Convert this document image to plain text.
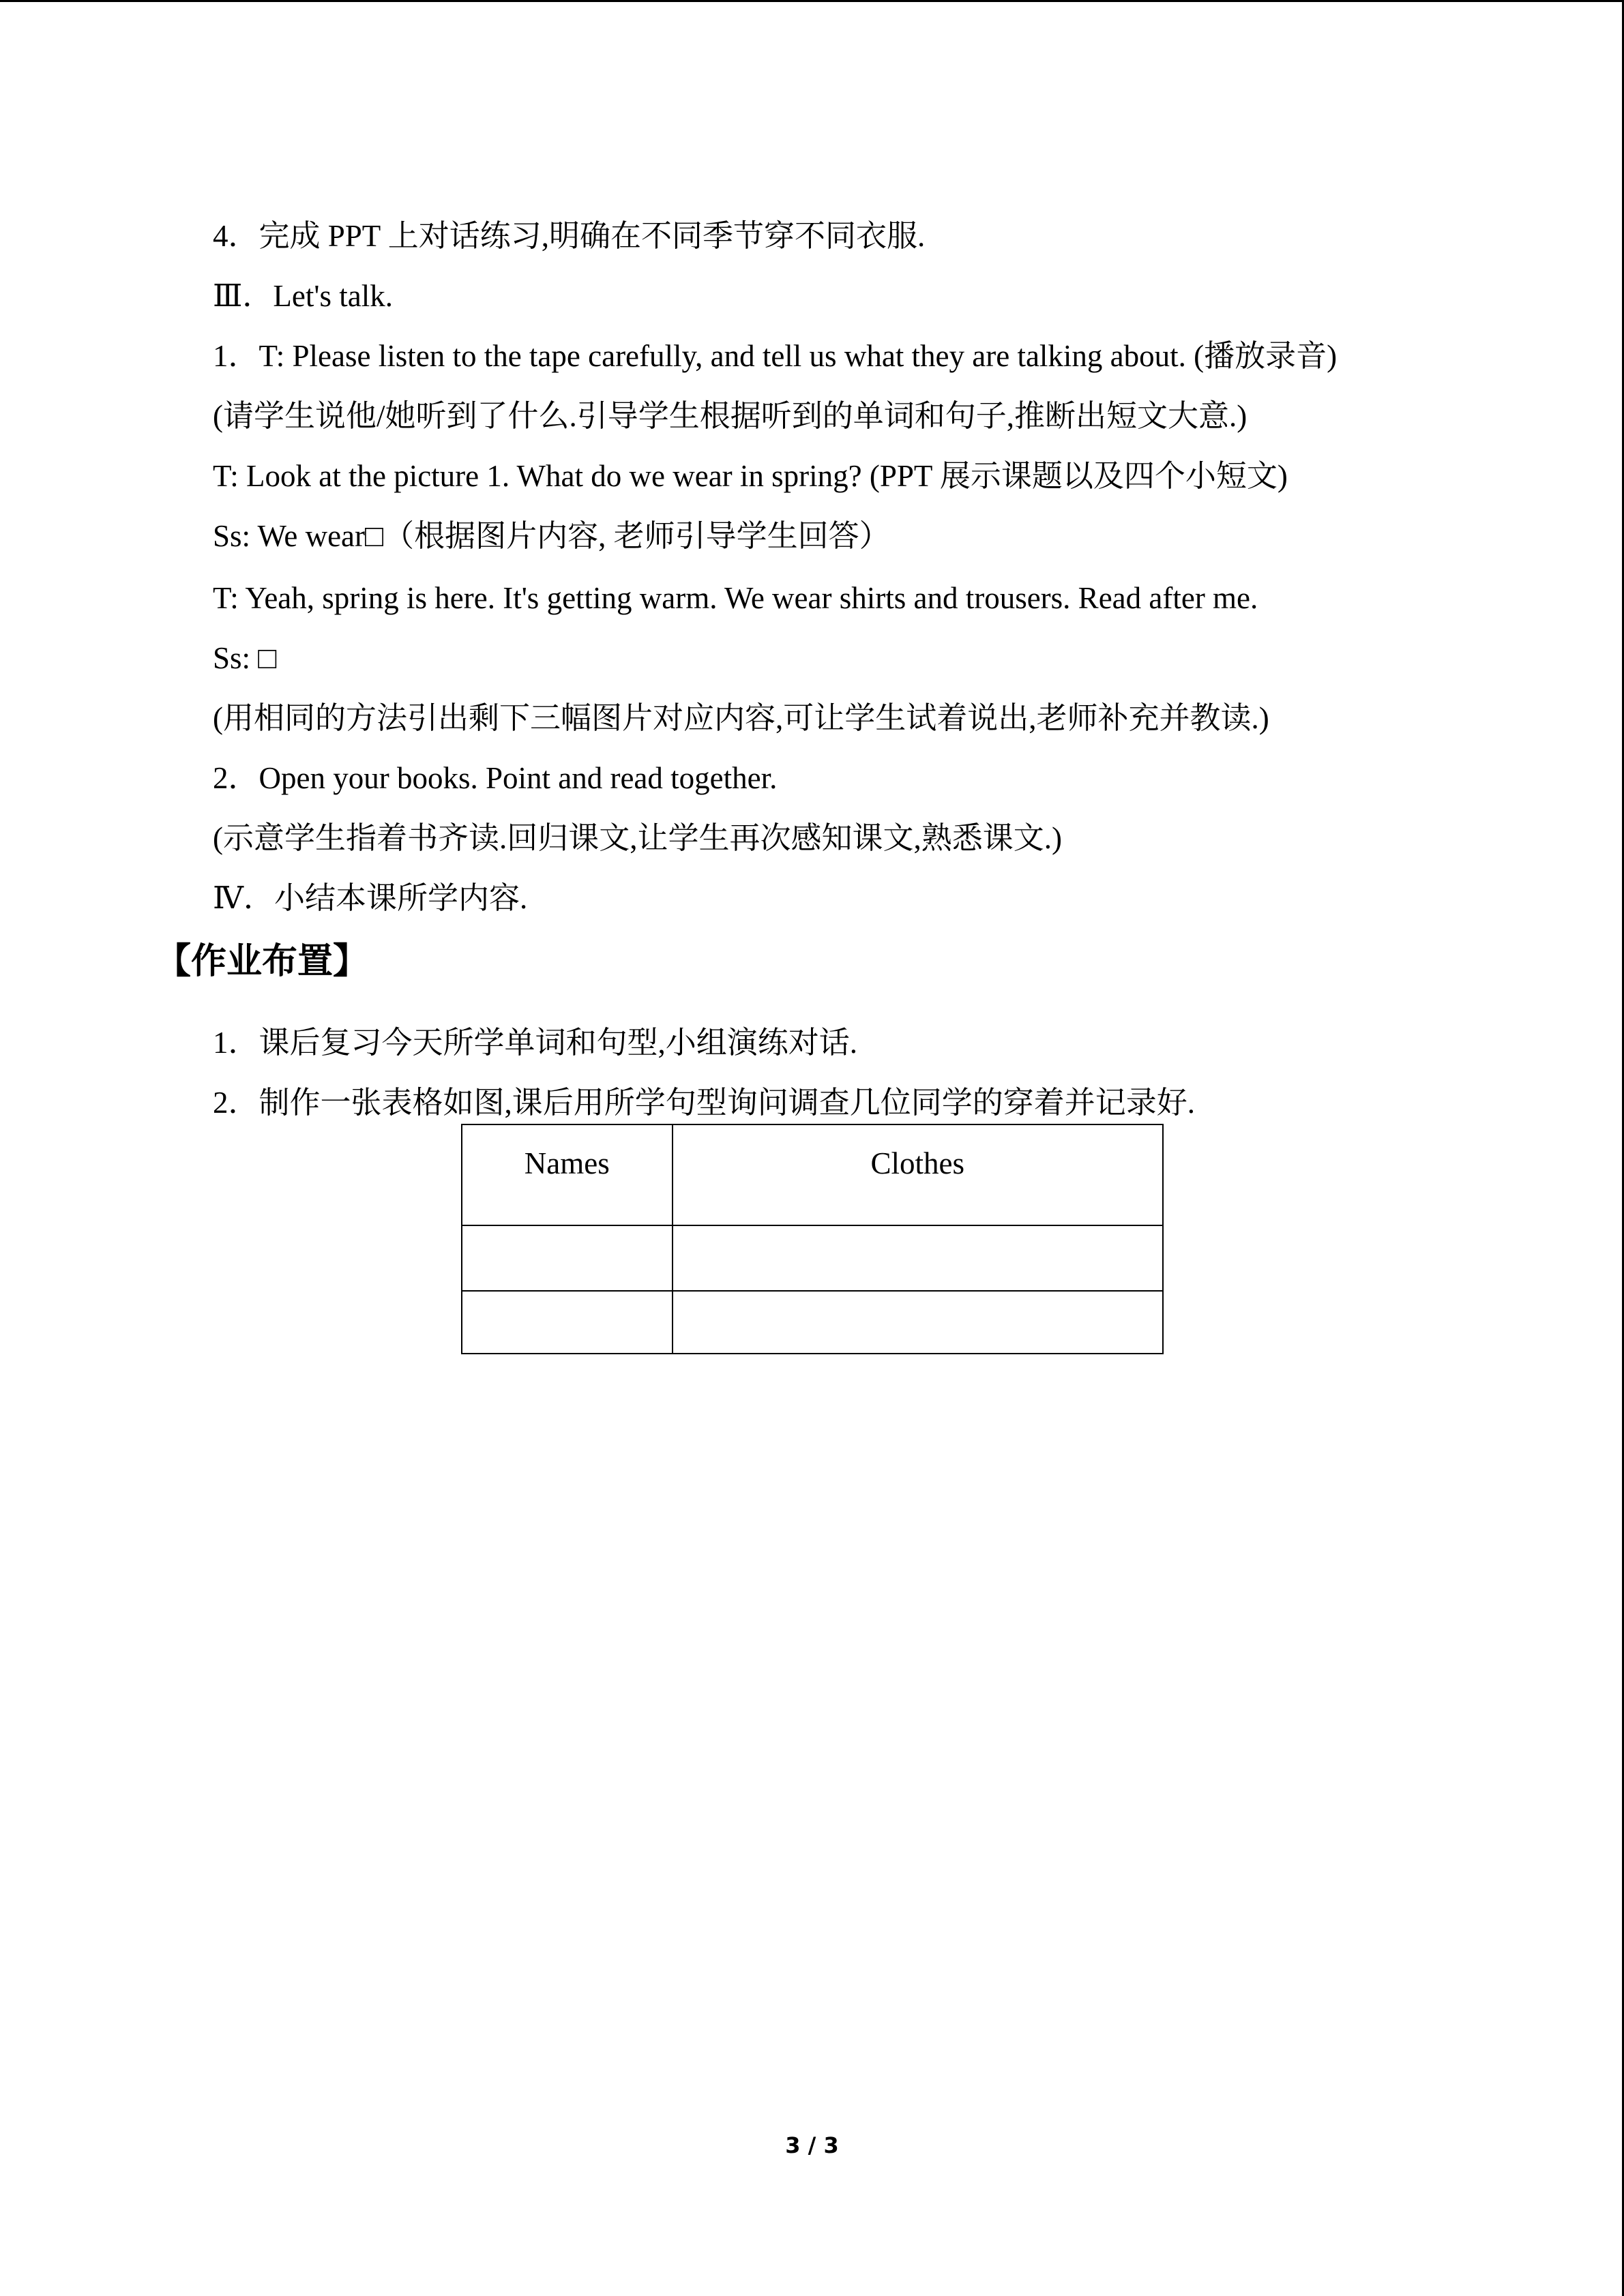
4．完成 PPT 上对话练习,明确在不同季节穿不同衣服.
Ⅲ．Let's talk.
1．T: Please listen to the tape carefully, and tell us what they are talking about. (播放录音)
(请学生说他/她听到了什么.引导学生根据听到的单词和句子,推断出短文大意.)
T: Look at the picture 1. What do we wear in spring? (PPT 展示课题以及四个小短文)
Ss: We wear□（根据图片内容, 老师引导学生回答）
T: Yeah, spring is here. It's getting warm. We wear shirts and trousers. Read after me.
Ss: □
(用相同的方法引出剩下三幅图片对应内容,可让学生试着说出,老师补充并教读.)
2．Open your books. Point and read together.
(示意学生指着书齐读.回归课文,让学生再次感知课文,熟悉课文.)
Ⅳ．小结本课所学内容.
【作业布置】
1．课后复习今天所学单词和句型,小组演练对话.
2．制作一张表格如图,课后用所学句型询问调查几位同学的穿着并记录好.
Names	Clothes

3 / 3
